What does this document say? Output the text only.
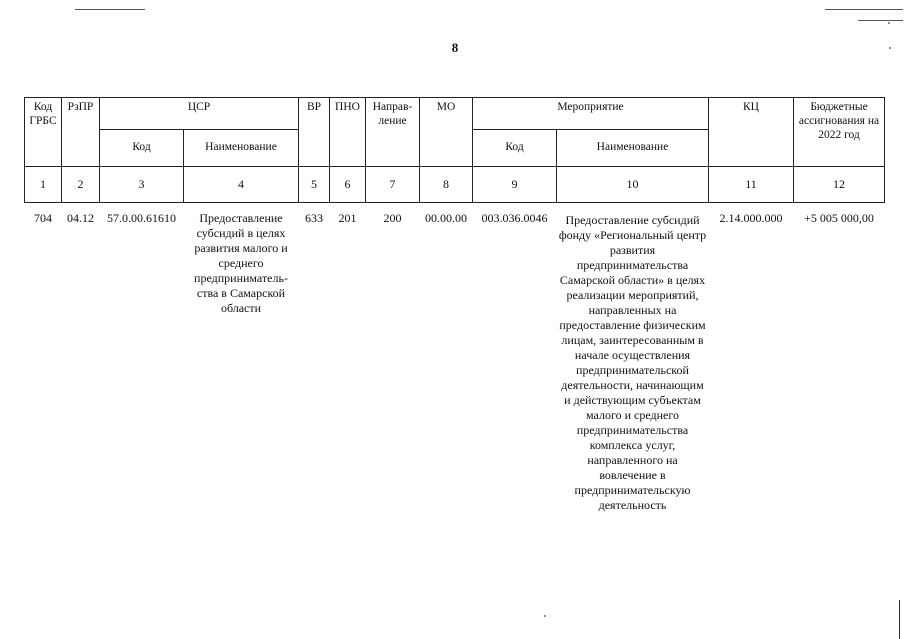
8
Код ГРБС	РзПР	ЦСР		ВР	ПНО	Направ-ление	МО	Мероприятие		КЦ	Бюджетные ассигнования на 2022 год
		Код	Наименование					Код	Наименование		
1	2	3	4	5	6	7	8	9	10	11	12
704	04.12	57.0.00.61610	Предоставление субсидий в целях развития малого и среднего предприниматель-ства в Самарской области	633	201	200	00.00.00	003.036.0046	Предоставление субсидий фонду «Региональный центр развития предпринимательства Самарской области» в целях реализации мероприятий, направленных на предоставление физическим лицам, заинтересованным в начале осуществления предпринимательской деятельности, начинающим и действующим субъектам малого и среднего предпринимательства комплекса услуг, направленного на вовлечение в предпринимательскую деятельность	2.14.000.000	+5 005 000,00
